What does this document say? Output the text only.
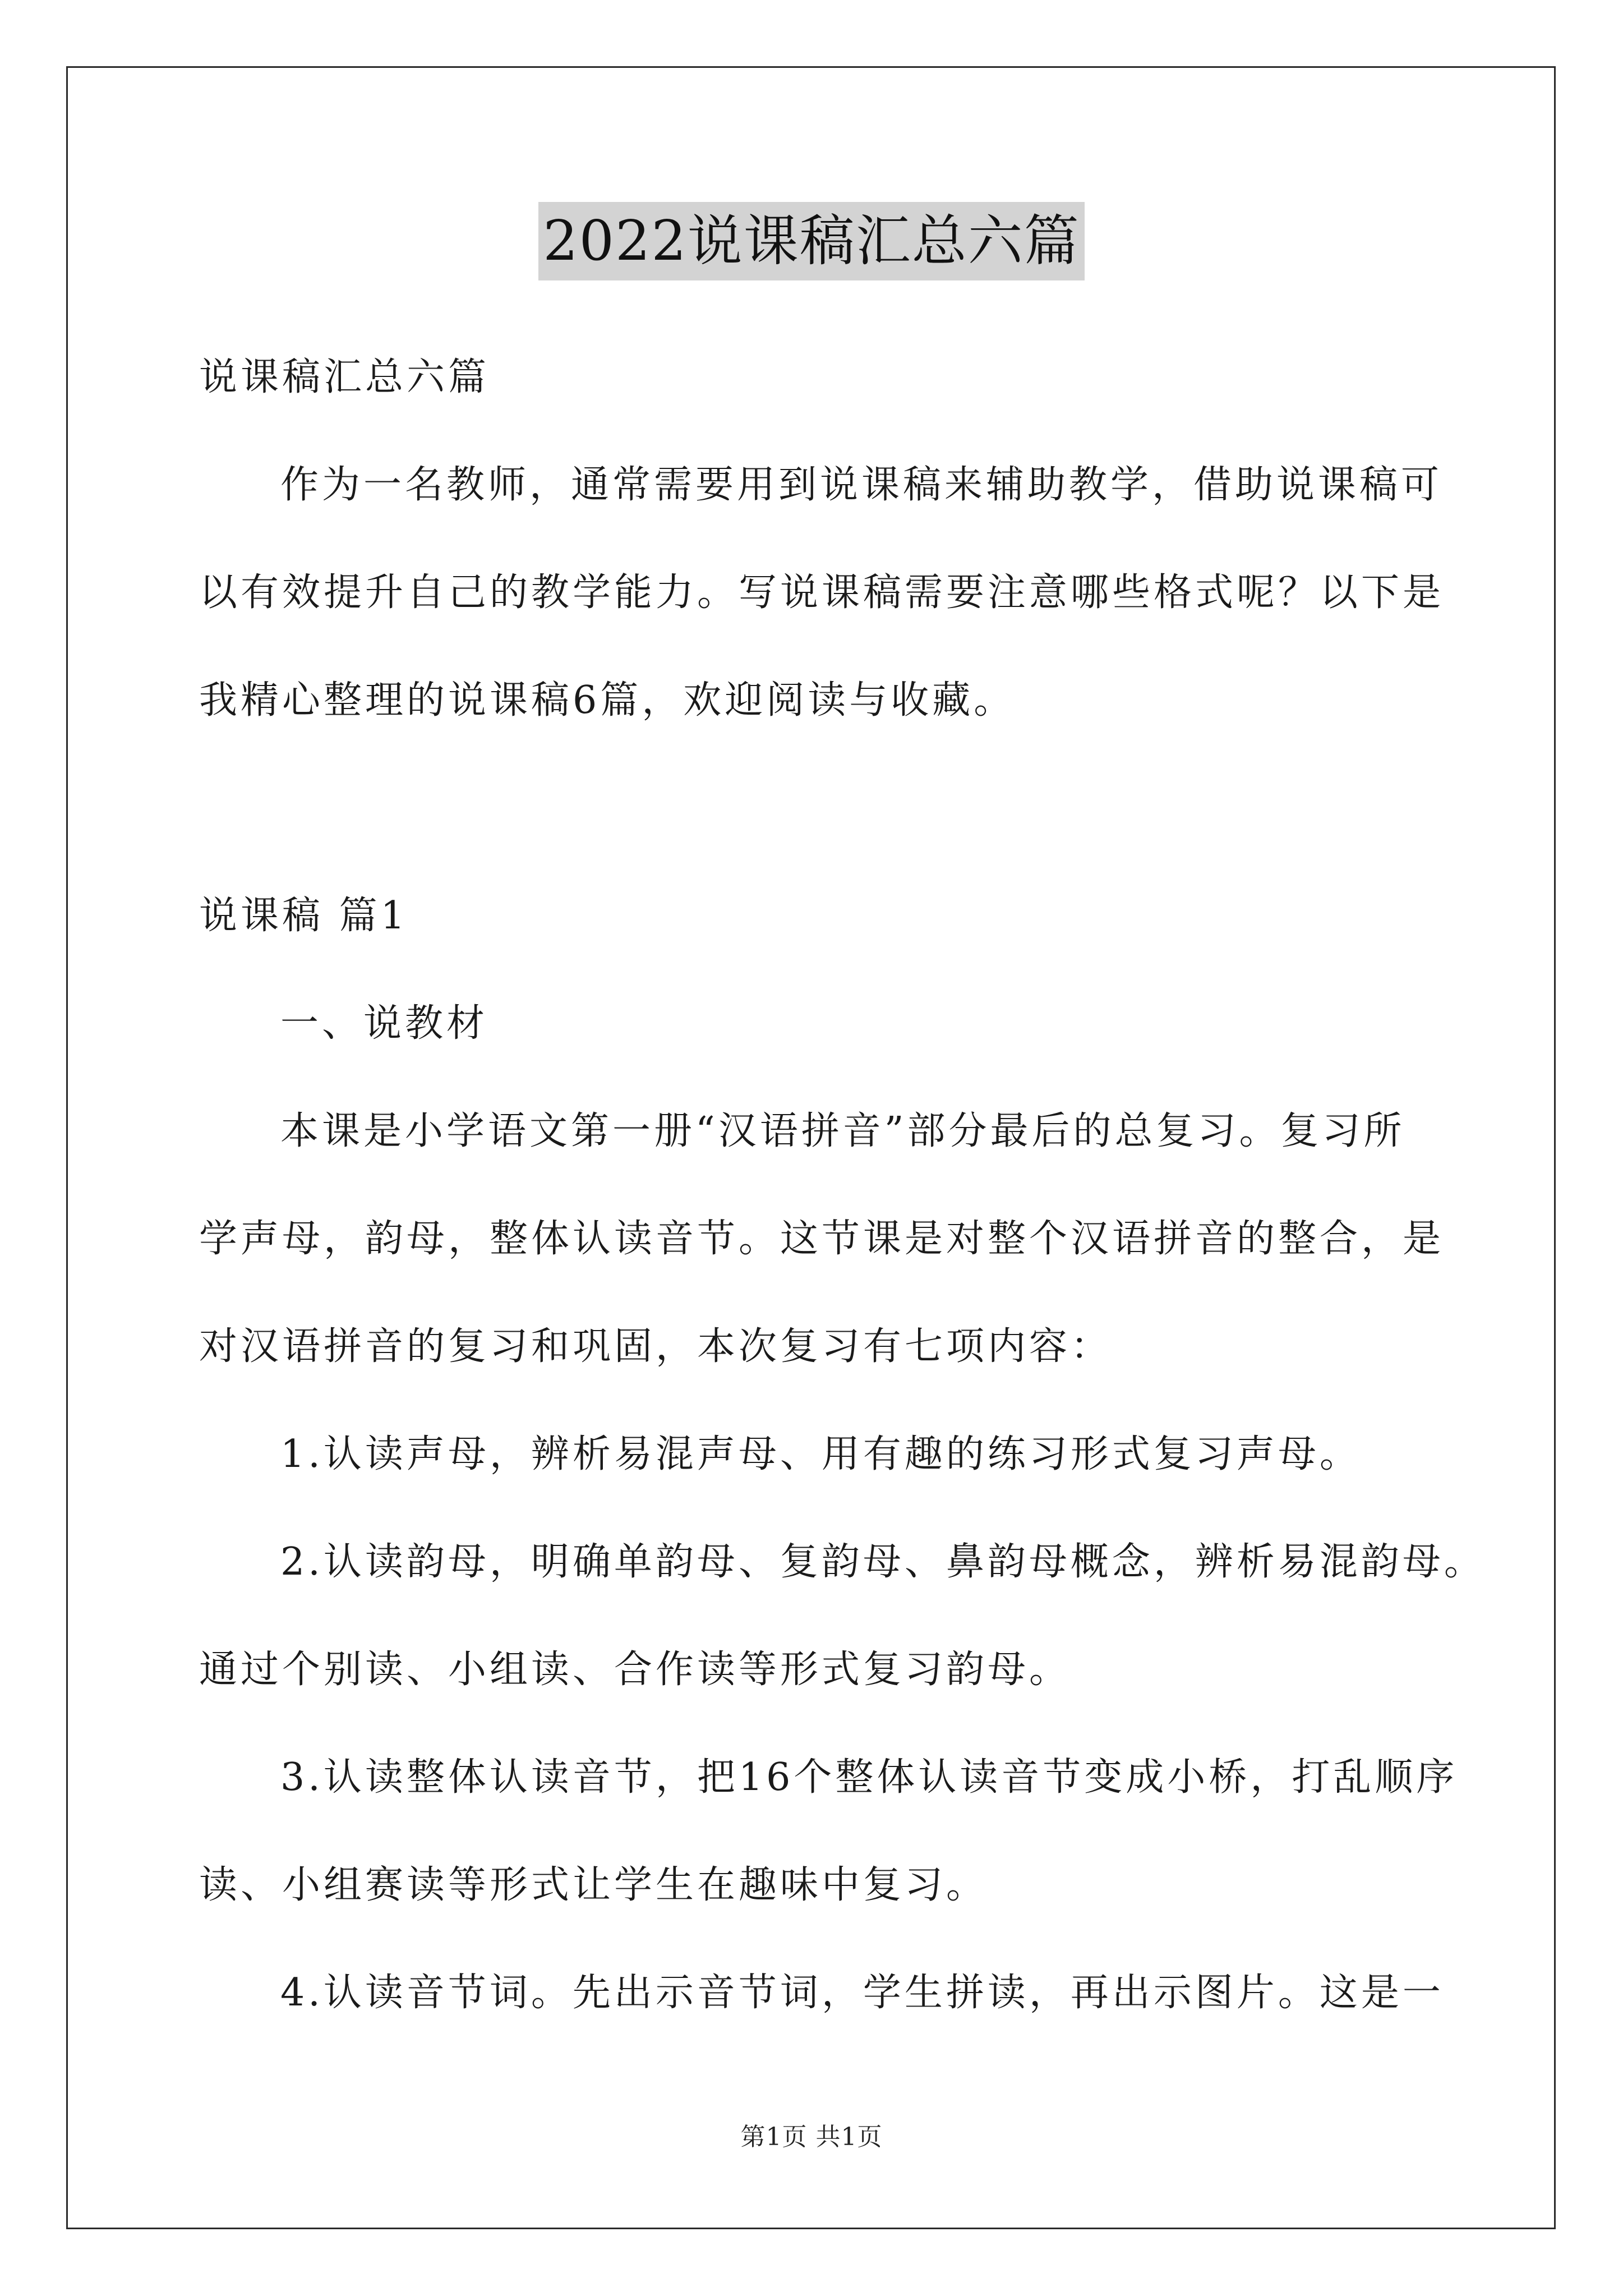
2022说课稿汇总六篇
说课稿汇总六篇
作为一名教师，通常需要用到说课稿来辅助教学，借助说课稿可
以有效提升自己的教学能力。写说课稿需要注意哪些格式呢？以下是
我精心整理的说课稿6篇，欢迎阅读与收藏。
说课稿 篇1
一、说教材
本课是小学语文第一册“汉语拼音”部分最后的总复习。复习所
学声母，韵母，整体认读音节。这节课是对整个汉语拼音的整合，是
对汉语拼音的复习和巩固，本次复习有七项内容：
1.认读声母，辨析易混声母、用有趣的练习形式复习声母。
2.认读韵母，明确单韵母、复韵母、鼻韵母概念，辨析易混韵母。
通过个别读、小组读、合作读等形式复习韵母。
3.认读整体认读音节，把16个整体认读音节变成小桥，打乱顺序
读、小组赛读等形式让学生在趣味中复习。
4.认读音节词。先出示音节词，学生拼读，再出示图片。这是一
第1页 共1页
